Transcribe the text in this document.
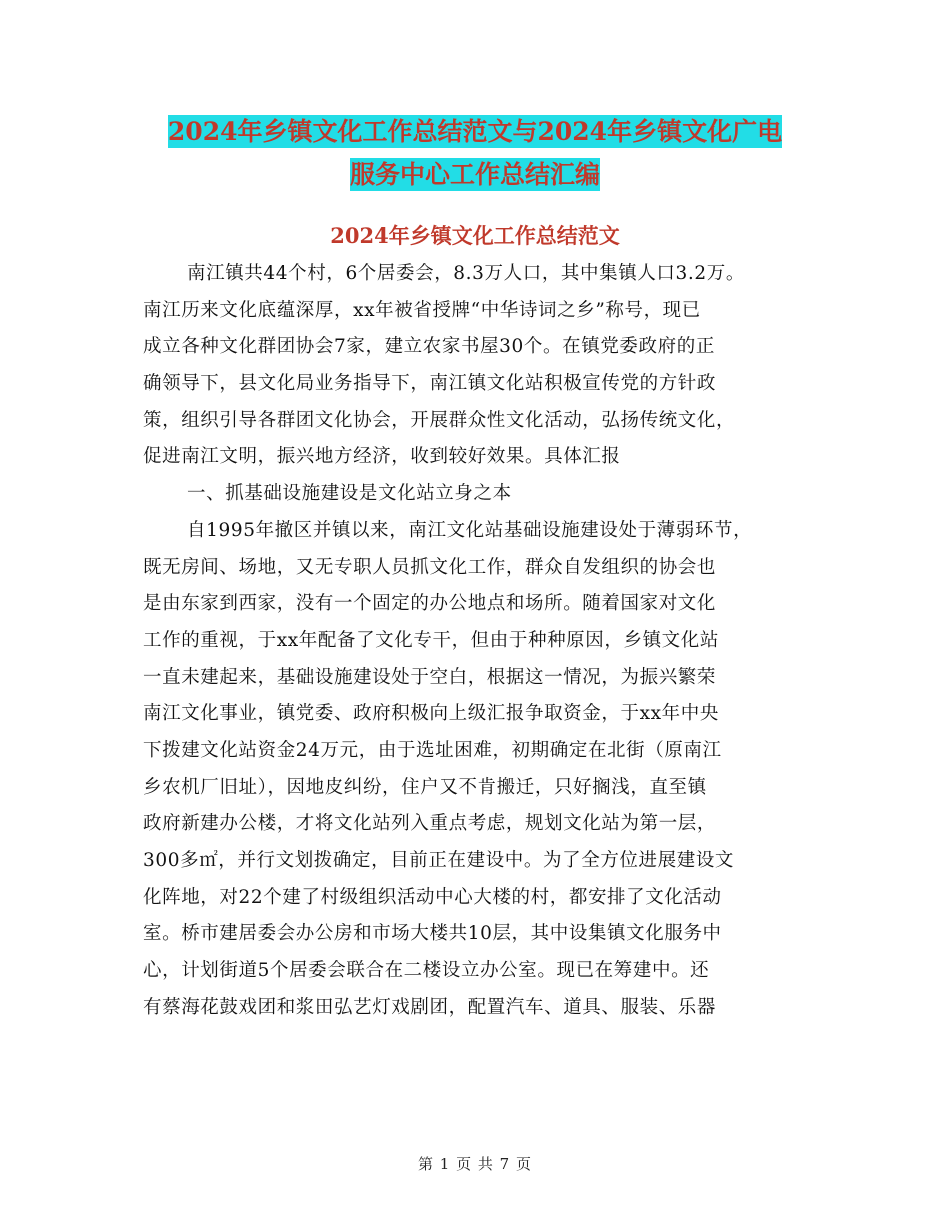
2024年乡镇文化工作总结范文与2024年乡镇文化广电
服务中心工作总结汇编
2024年乡镇文化工作总结范文
南江镇共44个村，6个居委会，8.3万人口，其中集镇人口3.2万。
南江历来文化底蕴深厚，xx年被省授牌“中华诗词之乡”称号，现已
成立各种文化群团协会7家，建立农家书屋30个。在镇党委政府的正
确领导下，县文化局业务指导下，南江镇文化站积极宣传党的方针政
策，组织引导各群团文化协会，开展群众性文化活动，弘扬传统文化，
促进南江文明，振兴地方经济，收到较好效果。具体汇报
一、抓基础设施建设是文化站立身之本
自1995年撤区并镇以来，南江文化站基础设施建设处于薄弱环节，
既无房间、场地，又无专职人员抓文化工作，群众自发组织的协会也
是由东家到西家，没有一个固定的办公地点和场所。随着国家对文化
工作的重视，于xx年配备了文化专干，但由于种种原因，乡镇文化站
一直未建起来，基础设施建设处于空白，根据这一情况，为振兴繁荣
南江文化事业，镇党委、政府积极向上级汇报争取资金，于xx年中央
下拨建文化站资金24万元，由于选址困难，初期确定在北街（原南江
乡农机厂旧址），因地皮纠纷，住户又不肯搬迁，只好搁浅，直至镇
政府新建办公楼，才将文化站列入重点考虑，规划文化站为第一层，
300多㎡，并行文划拨确定，目前正在建设中。为了全方位进展建设文
化阵地，对22个建了村级组织活动中心大楼的村，都安排了文化活动
室。桥市建居委会办公房和市场大楼共10层，其中设集镇文化服务中
心，计划街道5个居委会联合在二楼设立办公室。现已在筹建中。还
有蔡海花鼓戏团和浆田弘艺灯戏剧团，配置汽车、道具、服装、乐器
第 1 页 共 7 页
